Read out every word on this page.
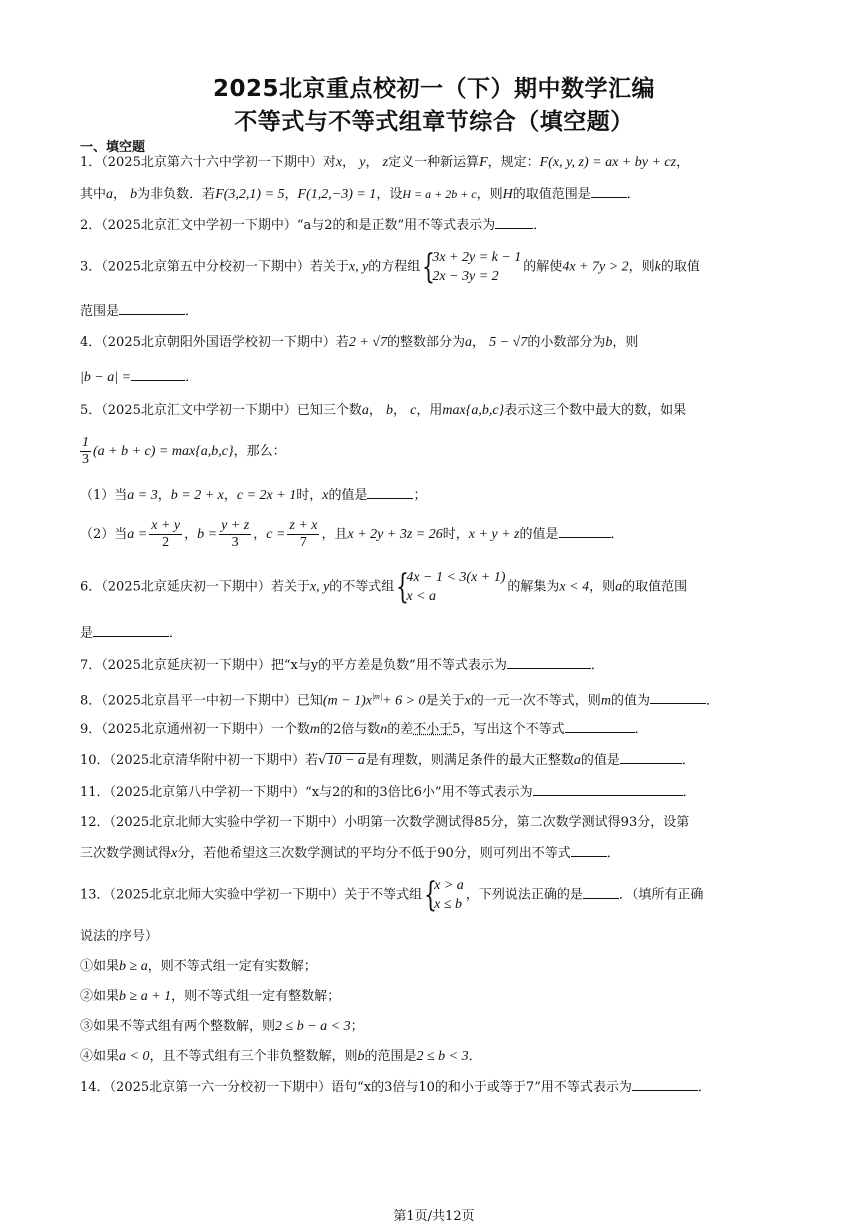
2025北京重点校初一（下）期中数学汇编
不等式与不等式组章节综合（填空题）
一、填空题
1．（2025北京第六十六中学初一下期中）对x， y， z定义一种新运算F，规定：F(x, y, z) = ax + by + cz，
其中a， b为非负数．若F(3,2,1) = 5，F(1,2,−3) = 1，设H = a + 2b + c，则H的取值范围是	．
2．（2025北京汇文中学初一下期中）“a与2的和是正数”用不等式表示为	．
3．（2025北京第五中分校初一下期中）若关于x, y的方程组 {
3x + 2y = k − 1
2x − 3y = 2
的解使4x + 7y > 2，则k的取值
范围是	．
4．（2025北京朝阳外国语学校初一下期中）若2 + √7的整数部分为a， 5 − √7的小数部分为b，则
|b − a| =	．
5．（2025北京汇文中学初一下期中）已知三个数a， b， c，用max{a,b,c}表示这三个数中最大的数，如果
$\frac{1}{3} (a + b + c) = \max\{a,b,c\}$，那么：
（1）当a = 3，b = 2 + x，c = 2x + 1时，x的值是	；
（2）当$a = \frac{x + y}{2}$ ，$b = \frac{y + z}{3}$ ，$c = \frac{z + x}{7}$ ，且x + 2y + 3z = 26时，x + y + z的值是	．
6．（2025北京延庆初一下期中）若关于x, y的不等式组 {
4x − 1 < 3(x + 1)
x < a
的解集为x < 4，则a的取值范围
是	．
7．（2025北京延庆初一下期中）把“x与y的平方差是负数”用不等式表示为	．
8．（2025北京昌平一中初一下期中）已知$(m - 1)x^{|m|}+ 6 > 0$是关于x的一元一次不等式，则m的值为	．
9．（2025北京通州初一下期中）一个数m的2倍与数n的差不小于5，写出这个不等式	．
10．（2025北京清华附中初一下期中）若√10 − a是有理数，则满足条件的最大正整数a的值是	．
11．（2025北京第八中学初一下期中）“x与2的和的3倍比6小”用不等式表示为	．
12．（2025北京北师大实验中学初一下期中）小明第一次数学测试得85分，第二次数学测试得93分，设第
三次数学测试得x分，若他希望这三次数学测试的平均分不低于90分，则可列出不等式	．
13．（2025北京北师大实验中学初一下期中）关于不等式组 {
x > a
x ≤ b
，下列说法正确的是	．（填所有正确
说法的序号）
①如果b ≥ a，则不等式组一定有实数解；
②如果b ≥ a + 1，则不等式组一定有整数解；
③如果不等式组有两个整数解，则2 ≤ b − a < 3；
④如果a < 0，且不等式组有三个非负整数解，则b的范围是2 ≤ b < 3．
14．（2025北京第一六一分校初一下期中）语句“x的3倍与10的和小于或等于7”用不等式表示为	．
第1页/共12页
